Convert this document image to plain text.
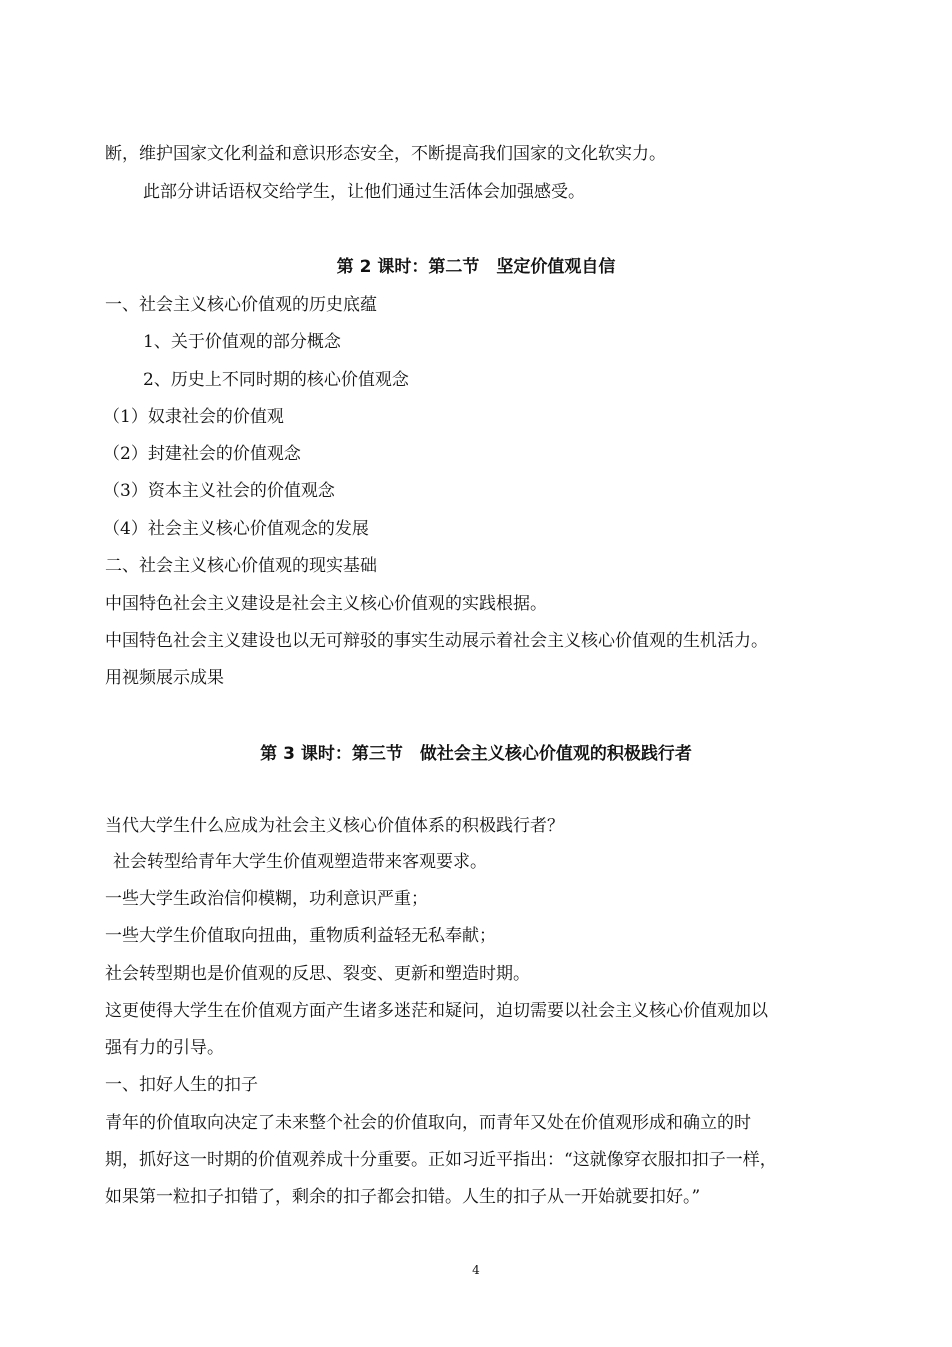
断，维护国家文化利益和意识形态安全，不断提高我们国家的文化软实力。
此部分讲话语权交给学生，让他们通过生活体会加强感受。
第 2 课时：第二节　坚定价值观自信
一、社会主义核心价值观的历史底蕴
1、关于价值观的部分概念
2、历史上不同时期的核心价值观念
（1）奴隶社会的价值观
（2）封建社会的价值观念
（3）资本主义社会的价值观念
（4）社会主义核心价值观念的发展
二、社会主义核心价值观的现实基础
中国特色社会主义建设是社会主义核心价值观的实践根据。
中国特色社会主义建设也以无可辩驳的事实生动展示着社会主义核心价值观的生机活力。
用视频展示成果
第 3 课时：第三节　做社会主义核心价值观的积极践行者
当代大学生什么应成为社会主义核心价值体系的积极践行者？
社会转型给青年大学生价值观塑造带来客观要求。
一些大学生政治信仰模糊，功利意识严重；
一些大学生价值取向扭曲，重物质利益轻无私奉献；
社会转型期也是价值观的反思、裂变、更新和塑造时期。
这更使得大学生在价值观方面产生诸多迷茫和疑问，迫切需要以社会主义核心价值观加以
强有力的引导。
一、扣好人生的扣子
青年的价值取向决定了未来整个社会的价值取向，而青年又处在价值观形成和确立的时
期，抓好这一时期的价值观养成十分重要。正如习近平指出：“这就像穿衣服扣扣子一样，
如果第一粒扣子扣错了，剩余的扣子都会扣错。人生的扣子从一开始就要扣好。”
4
